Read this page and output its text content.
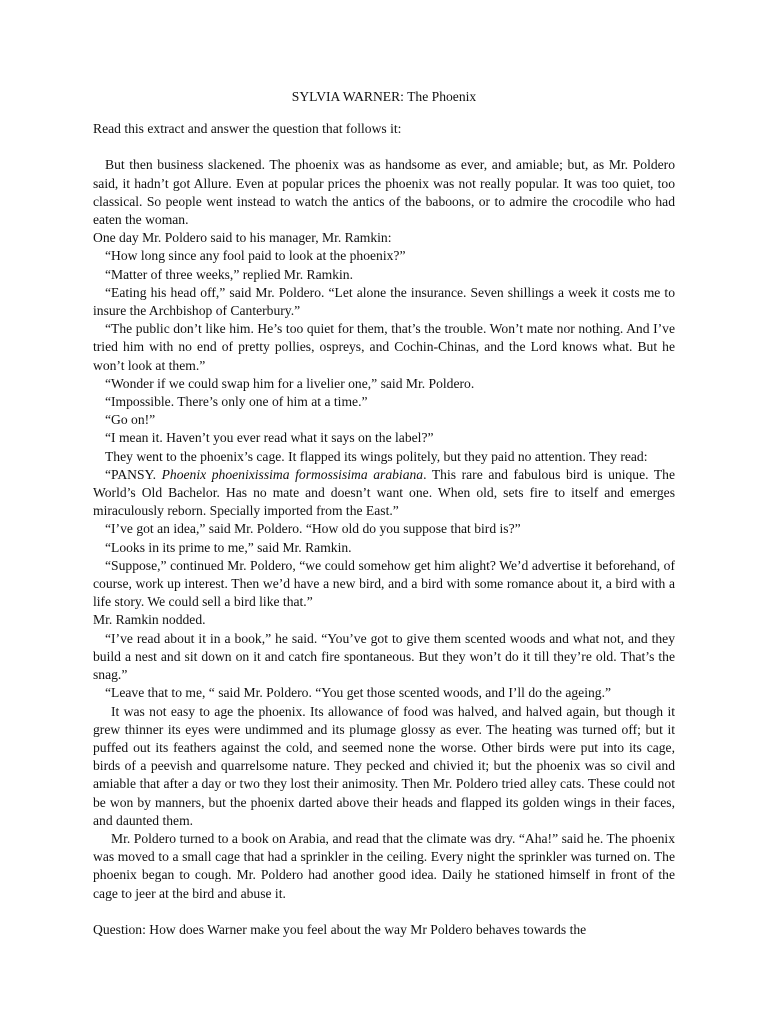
SYLVIA WARNER: The Phoenix
Read this extract and answer the question that follows it:

But then business slackened. The phoenix was as handsome as ever, and amiable; but, as Mr. Poldero said, it hadn’t got Allure. Even at popular prices the phoenix was not really popular. It was too quiet, too classical. So people went instead to watch the antics of the baboons, or to admire the crocodile who had eaten the woman.

One day Mr. Poldero said to his manager, Mr. Ramkin:

“How long since any fool paid to look at the phoenix?”

“Matter of three weeks,” replied Mr. Ramkin.

“Eating his head off,” said Mr. Poldero. “Let alone the insurance. Seven shillings a week it costs me to insure the Archbishop of Canterbury.”

“The public don’t like him. He’s too quiet for them, that’s the trouble. Won’t mate nor nothing. And I’ve tried him with no end of pretty pollies, ospreys, and Cochin-Chinas, and the Lord knows what. But he won’t look at them.”

“Wonder if we could swap him for a livelier one,” said Mr. Poldero.

“Impossible. There’s only one of him at a time.”

“Go on!”

“I mean it. Haven’t you ever read what it says on the label?”

They went to the phoenix’s cage. It flapped its wings politely, but they paid no attention. They read:

“PANSY. Phoenix phoenixissima formossisima arabiana. This rare and fabulous bird is unique. The World’s Old Bachelor. Has no mate and doesn’t want one. When old, sets fire to itself and emerges miraculously reborn. Specially imported from the East.”

“I’ve got an idea,” said Mr. Poldero. “How old do you suppose that bird is?”

“Looks in its prime to me,” said Mr. Ramkin.

“Suppose,” continued Mr. Poldero, “we could somehow get him alight? We’d advertise it beforehand, of course, work up interest. Then we’d have a new bird, and a bird with some romance about it, a bird with a life story. We could sell a bird like that.”

Mr. Ramkin nodded.

“I’ve read about it in a book,” he said. “You’ve got to give them scented woods and what not, and they build a nest and sit down on it and catch fire spontaneous. But they won’t do it till they’re old. That’s the snag.”

“Leave that to me, “ said Mr. Poldero. “You get those scented woods, and I’ll do the ageing.”

It was not easy to age the phoenix. Its allowance of food was halved, and halved again, but though it grew thinner its eyes were undimmed and its plumage glossy as ever. The heating was turned off; but it puffed out its feathers against the cold, and seemed none the worse. Other birds were put into its cage, birds of a peevish and quarrelsome nature. They pecked and chivied it; but the phoenix was so civil and amiable that after a day or two they lost their animosity. Then Mr. Poldero tried alley cats. These could not be won by manners, but the phoenix darted above their heads and flapped its golden wings in their faces, and daunted them.

Mr. Poldero turned to a book on Arabia, and read that the climate was dry. “Aha!” said he. The phoenix was moved to a small cage that had a sprinkler in the ceiling. Every night the sprinkler was turned on. The phoenix began to cough. Mr. Poldero had another good idea. Daily he stationed himself in front of the cage to jeer at the bird and abuse it.

Question: How does Warner make you feel about the way Mr Poldero behaves towards the
